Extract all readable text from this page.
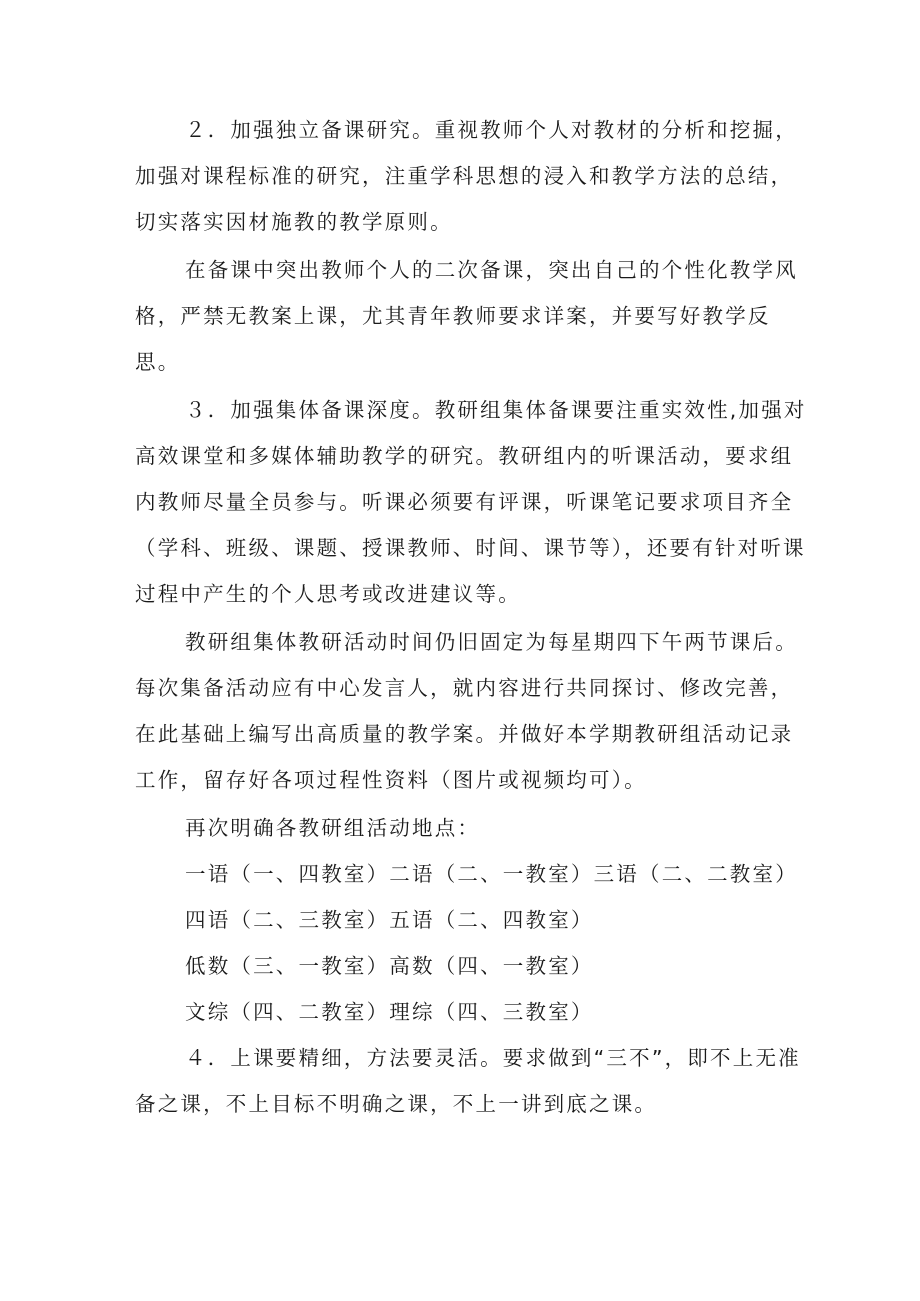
２．加强独立备课研究。重视教师个人对教材的分析和挖掘，加强对课程标准的研究，注重学科思想的浸入和教学方法的总结，切实落实因材施教的教学原则。

在备课中突出教师个人的二次备课，突出自己的个性化教学风格，严禁无教案上课，尤其青年教师要求详案，并要写好教学反思。

３．加强集体备课深度。教研组集体备课要注重实效性,加强对高效课堂和多媒体辅助教学的研究。教研组内的听课活动，要求组内教师尽量全员参与。听课必须要有评课，听课笔记要求项目齐全（学科、班级、课题、授课教师、时间、课节等），还要有针对听课过程中产生的个人思考或改进建议等。

教研组集体教研活动时间仍旧固定为每星期四下午两节课后。每次集备活动应有中心发言人，就内容进行共同探讨、修改完善，在此基础上编写出高质量的教学案。并做好本学期教研组活动记录工作，留存好各项过程性资料（图片或视频均可）。

再次明确各教研组活动地点：

一语（一、四教室）二语（二、一教室）三语（二、二教室）
四语（二、三教室）五语（二、四教室）
低数（三、一教室）高数（四、一教室）
文综（四、二教室）理综（四、三教室）

４．上课要精细，方法要灵活。要求做到“三不”，即不上无准备之课，不上目标不明确之课，不上一讲到底之课。
